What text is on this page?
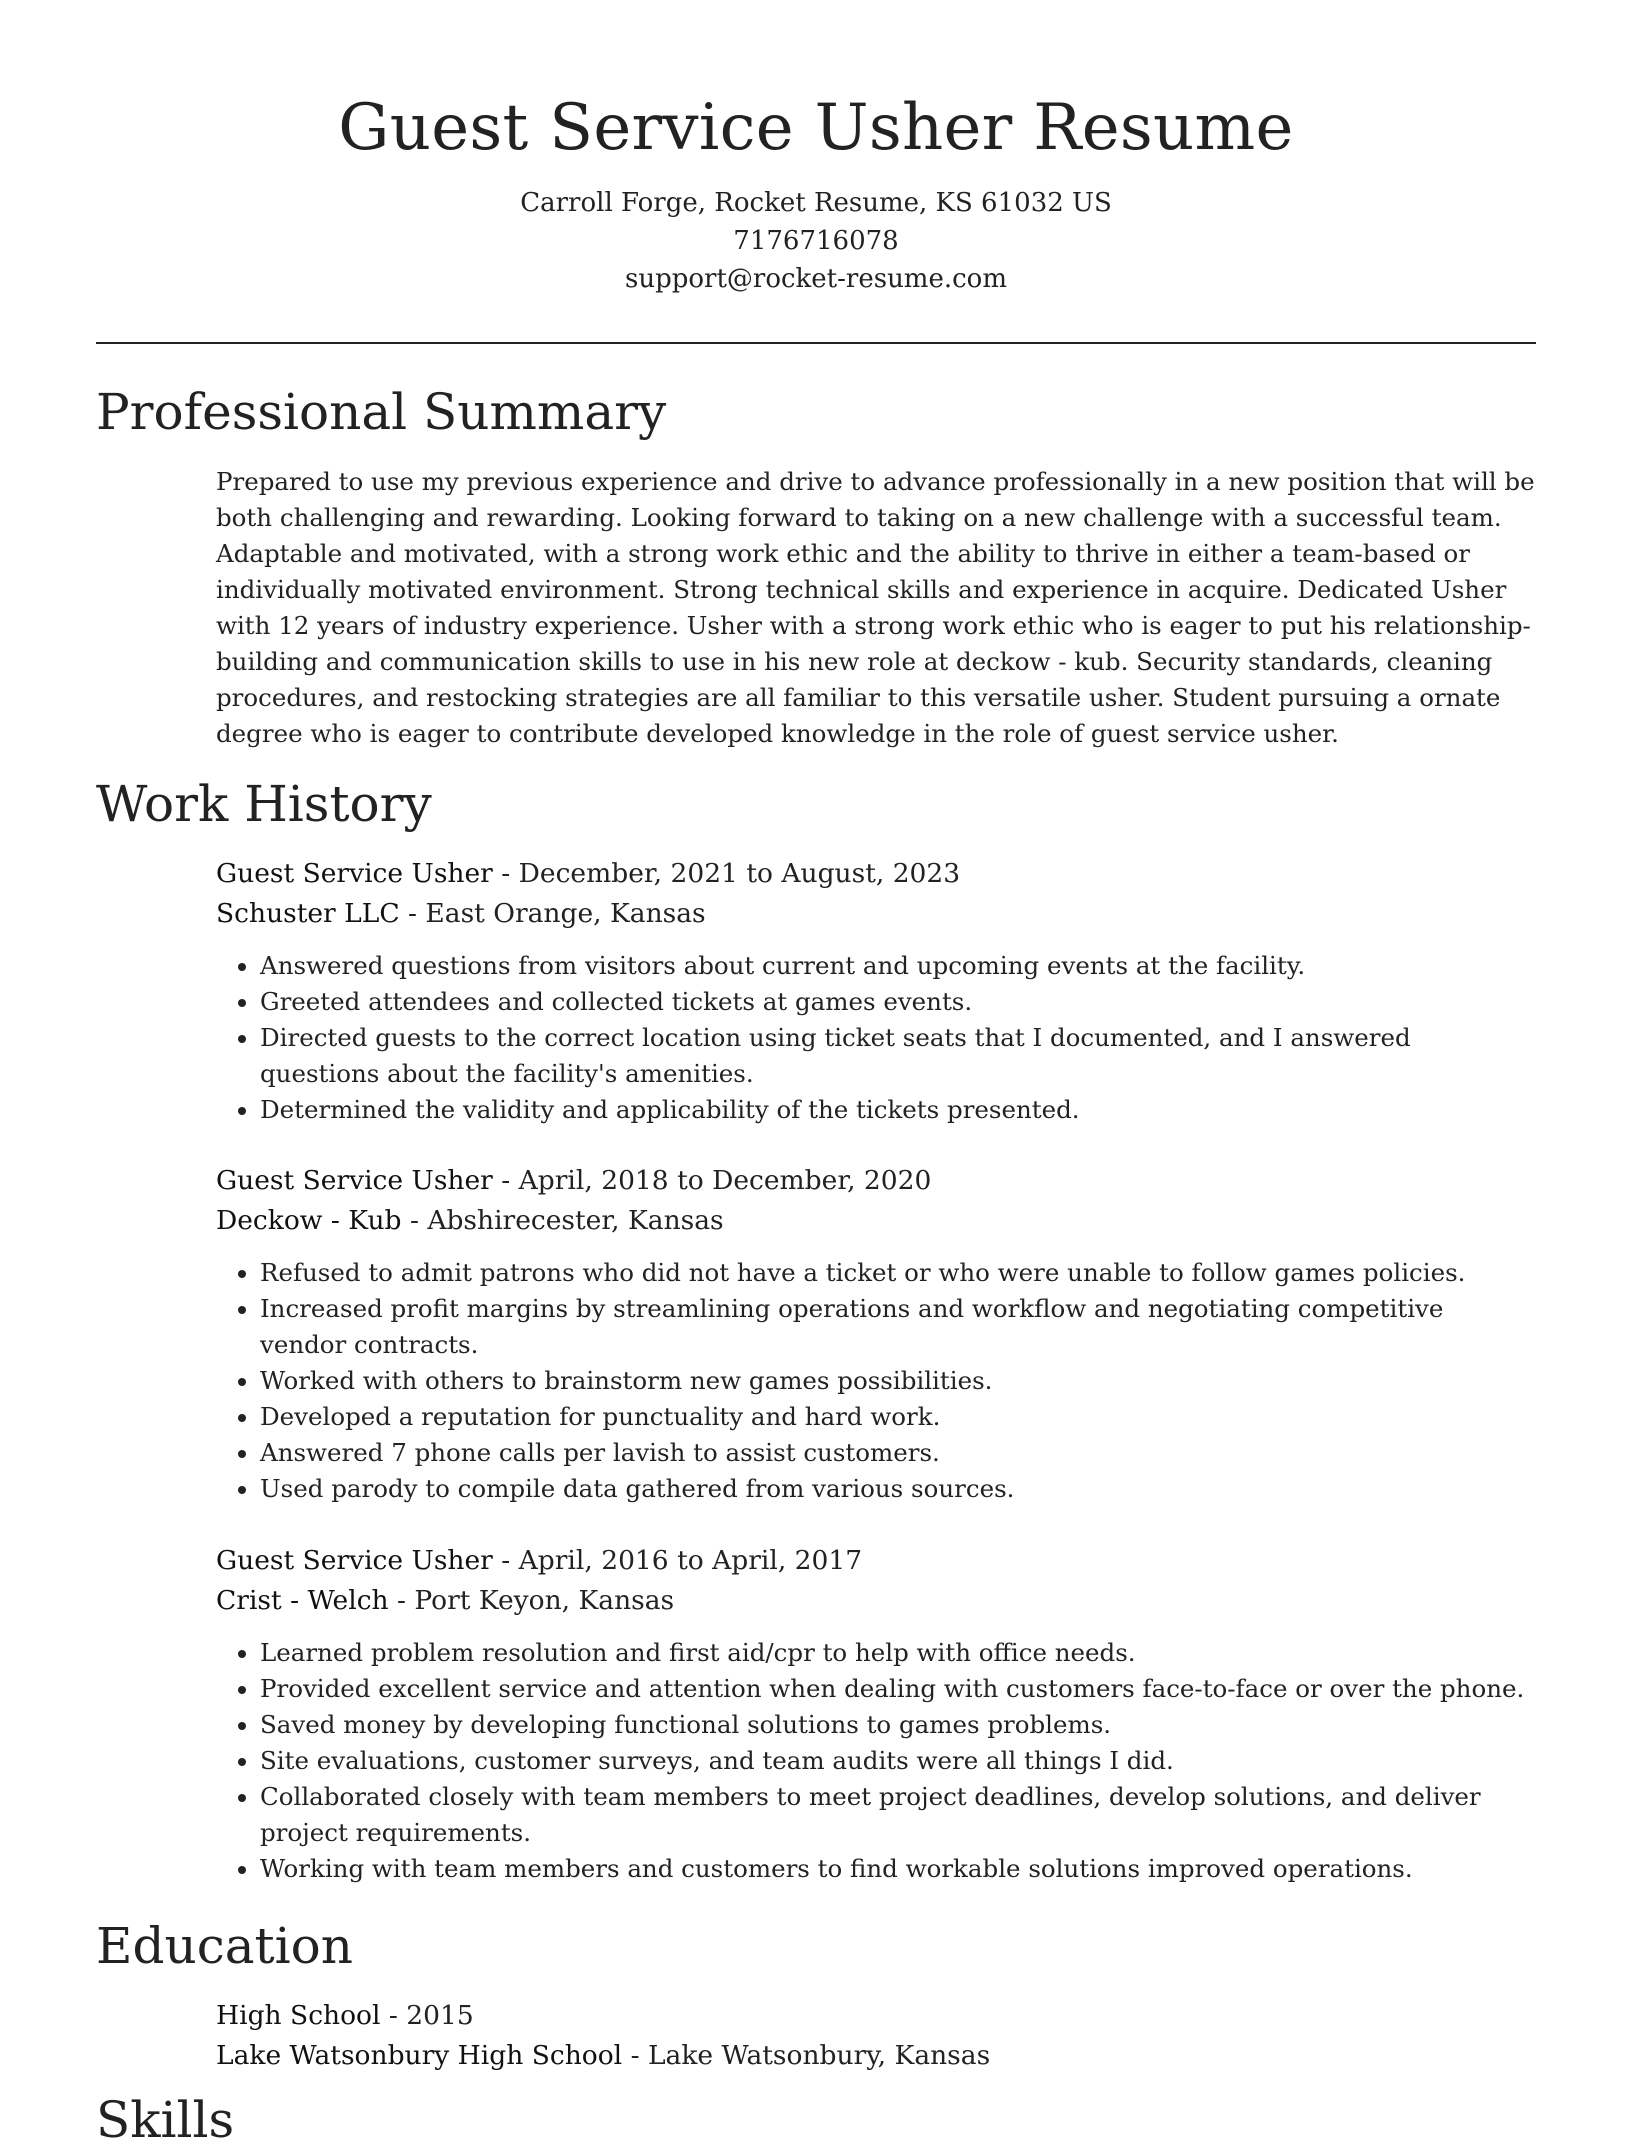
Guest Service Usher Resume

Carroll Forge, Rocket Resume, KS 61032 US

7176716078

support@rocket-resume.com

Professional Summary

Prepared to use my previous experience and drive to advance professionally in a new position that will be both challenging and rewarding. Looking forward to taking on a new challenge with a successful team. Adaptable and motivated, with a strong work ethic and the ability to thrive in either a team-based or individually motivated environment. Strong technical skills and experience in acquire. Dedicated Usher with 12 years of industry experience. Usher with a strong work ethic who is eager to put his relationship-building and communication skills to use in his new role at deckow - kub. Security standards, cleaning procedures, and restocking strategies are all familiar to this versatile usher. Student pursuing a ornate degree who is eager to contribute developed knowledge in the role of guest service usher.

Work History

Guest Service Usher - December, 2021 to August, 2023

Schuster LLC - East Orange, Kansas

• Answered questions from visitors about current and upcoming events at the facility.
• Greeted attendees and collected tickets at games events.
• Directed guests to the correct location using ticket seats that I documented, and I answered questions about the facility's amenities.
• Determined the validity and applicability of the tickets presented.

Guest Service Usher - April, 2018 to December, 2020

Deckow - Kub - Abshirecester, Kansas

• Refused to admit patrons who did not have a ticket or who were unable to follow games policies.
• Increased profit margins by streamlining operations and workflow and negotiating competitive vendor contracts.
• Worked with others to brainstorm new games possibilities.
• Developed a reputation for punctuality and hard work.
• Answered 7 phone calls per lavish to assist customers.
• Used parody to compile data gathered from various sources.

Guest Service Usher - April, 2016 to April, 2017

Crist - Welch - Port Keyon, Kansas

• Learned problem resolution and first aid/cpr to help with office needs.
• Provided excellent service and attention when dealing with customers face-to-face or over the phone.
• Saved money by developing functional solutions to games problems.
• Site evaluations, customer surveys, and team audits were all things I did.
• Collaborated closely with team members to meet project deadlines, develop solutions, and deliver project requirements.
• Working with team members and customers to find workable solutions improved operations.
Education

High School - 2015

Lake Watsonbury High School - Lake Watsonbury, Kansas

Skills
